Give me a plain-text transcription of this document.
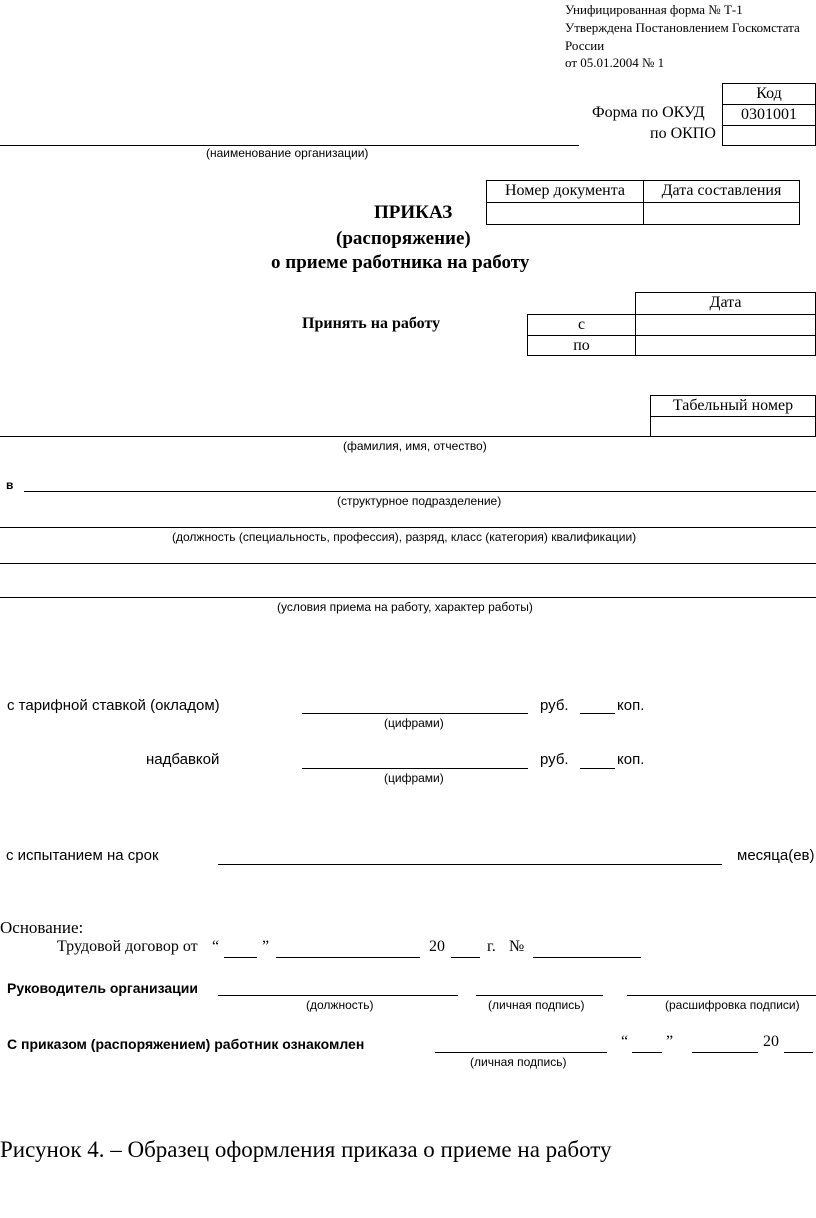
Унифицированная форма № Т-1
Утверждена Постановлением Госкомстата
России
от 05.01.2004 № 1
Код
Форма по ОКУД	0301001
по ОКПО
(наименование организации)
Номер документа	Дата составления
ПРИКАЗ
(распоряжение)
о приеме работника на работу
Принять на работу
Дата
с
по
Табельный номер
(фамилия, имя, отчество)
в
(структурное подразделение)
(должность (специальность, профессия), разряд, класс (категория) квалификации)
(условия приема на работу, характер работы)
с тарифной ставкой (окладом)	руб.	коп.
(цифрами)
надбавкой	руб.	коп.
(цифрами)
с испытанием на срок	месяца(ев)
Основание:
Трудовой договор от “	”	20	г. №
Руководитель организации
(должность)	(личная подпись)	(расшифровка подписи)
С приказом (распоряжением) работник ознакомлен	“ ”	20
(личная подпись)
Рисунок 4. – Образец оформления приказа о приеме на работу
